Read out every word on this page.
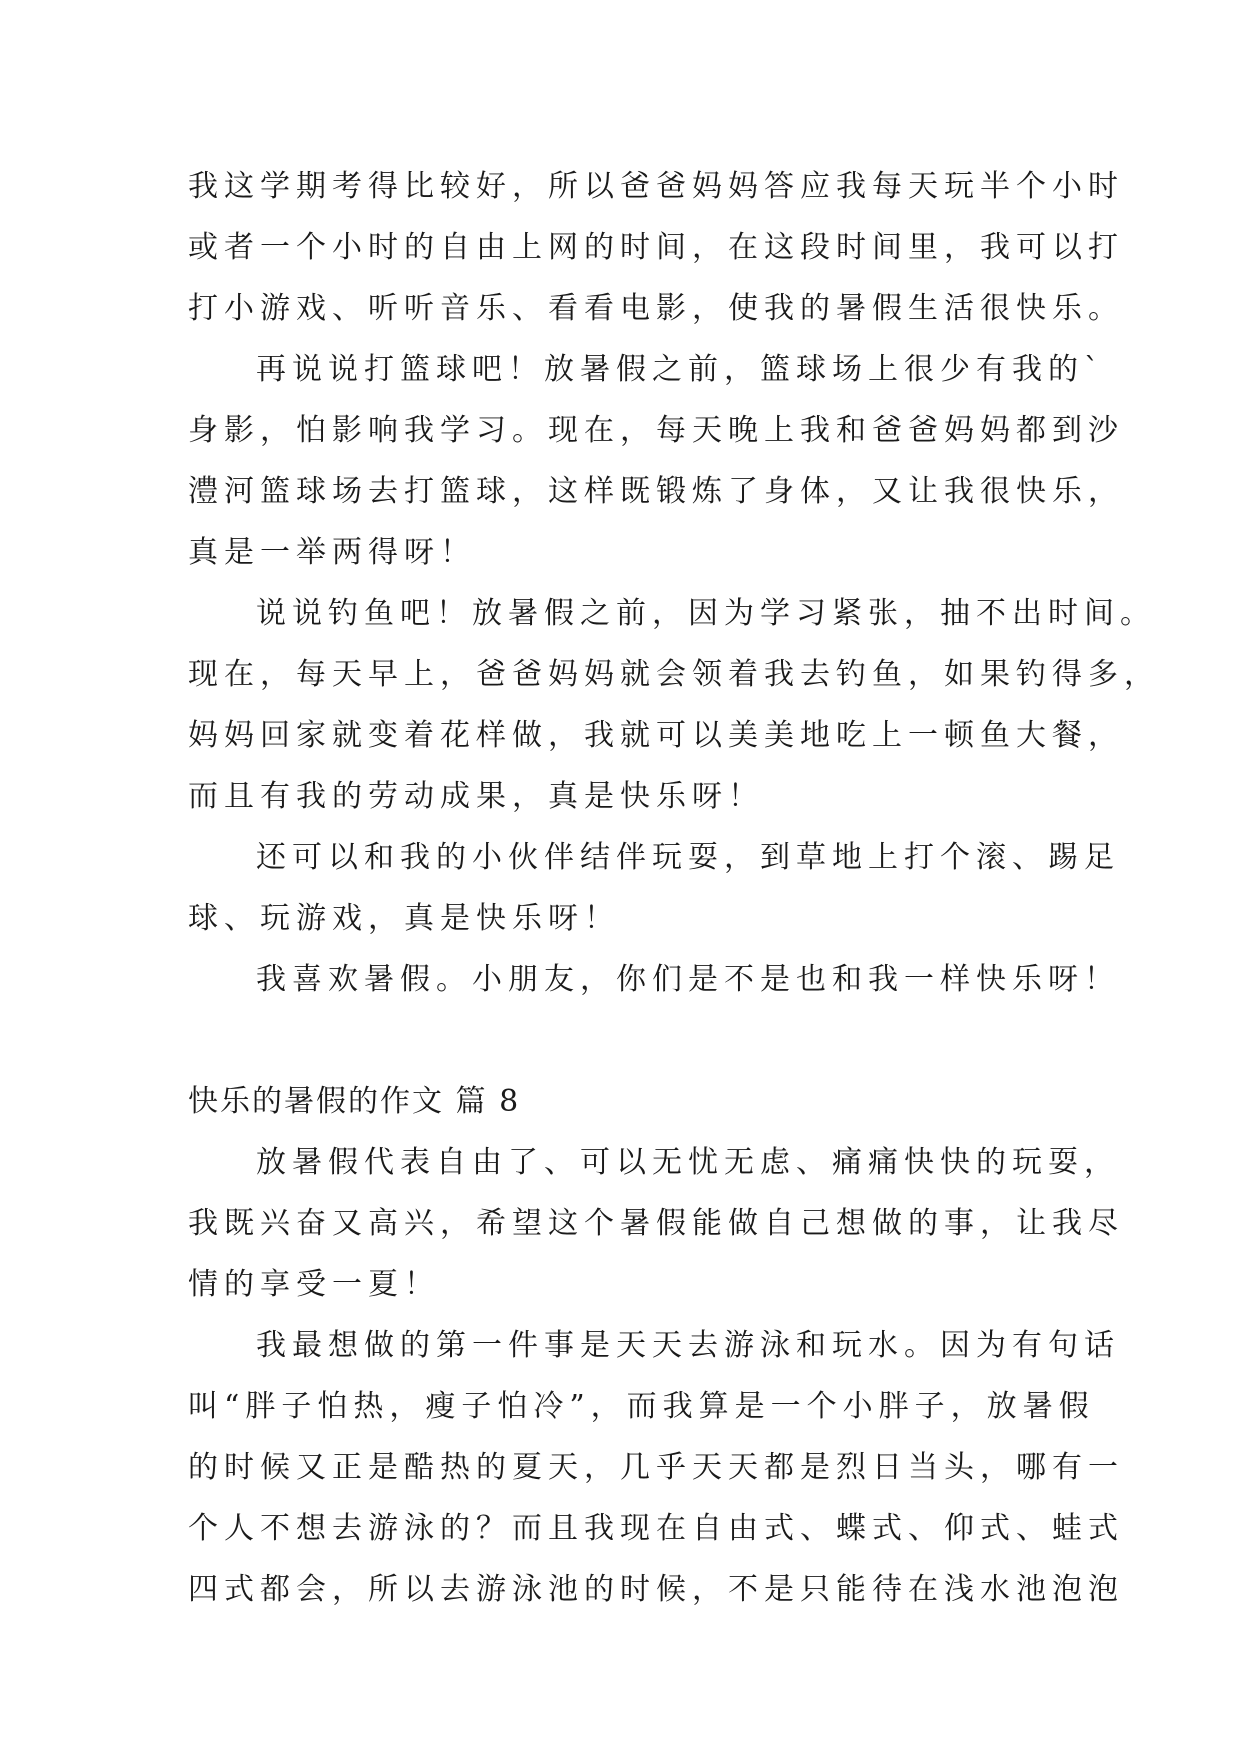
我这学期考得比较好，所以爸爸妈妈答应我每天玩半个小时
或者一个小时的自由上网的时间，在这段时间里，我可以打
打小游戏、听听音乐、看看电影，使我的暑假生活很快乐。
再说说打篮球吧！放暑假之前，篮球场上很少有我的`
身影，怕影响我学习。现在，每天晚上我和爸爸妈妈都到沙
澧河篮球场去打篮球，这样既锻炼了身体，又让我很快乐，
真是一举两得呀！
说说钓鱼吧！放暑假之前，因为学习紧张，抽不出时间。
现在，每天早上，爸爸妈妈就会领着我去钓鱼，如果钓得多，
妈妈回家就变着花样做，我就可以美美地吃上一顿鱼大餐，
而且有我的劳动成果，真是快乐呀！
还可以和我的小伙伴结伴玩耍，到草地上打个滚、踢足
球、玩游戏，真是快乐呀！
我喜欢暑假。小朋友，你们是不是也和我一样快乐呀！
快乐的暑假的作文 篇 8
放暑假代表自由了、可以无忧无虑、痛痛快快的玩耍，
我既兴奋又高兴，希望这个暑假能做自己想做的事，让我尽
情的享受一夏！
我最想做的第一件事是天天去游泳和玩水。因为有句话
叫“胖子怕热，瘦子怕冷”，而我算是一个小胖子，放暑假
的时候又正是酷热的夏天，几乎天天都是烈日当头，哪有一
个人不想去游泳的？而且我现在自由式、蝶式、仰式、蛙式
四式都会，所以去游泳池的时候，不是只能待在浅水池泡泡
